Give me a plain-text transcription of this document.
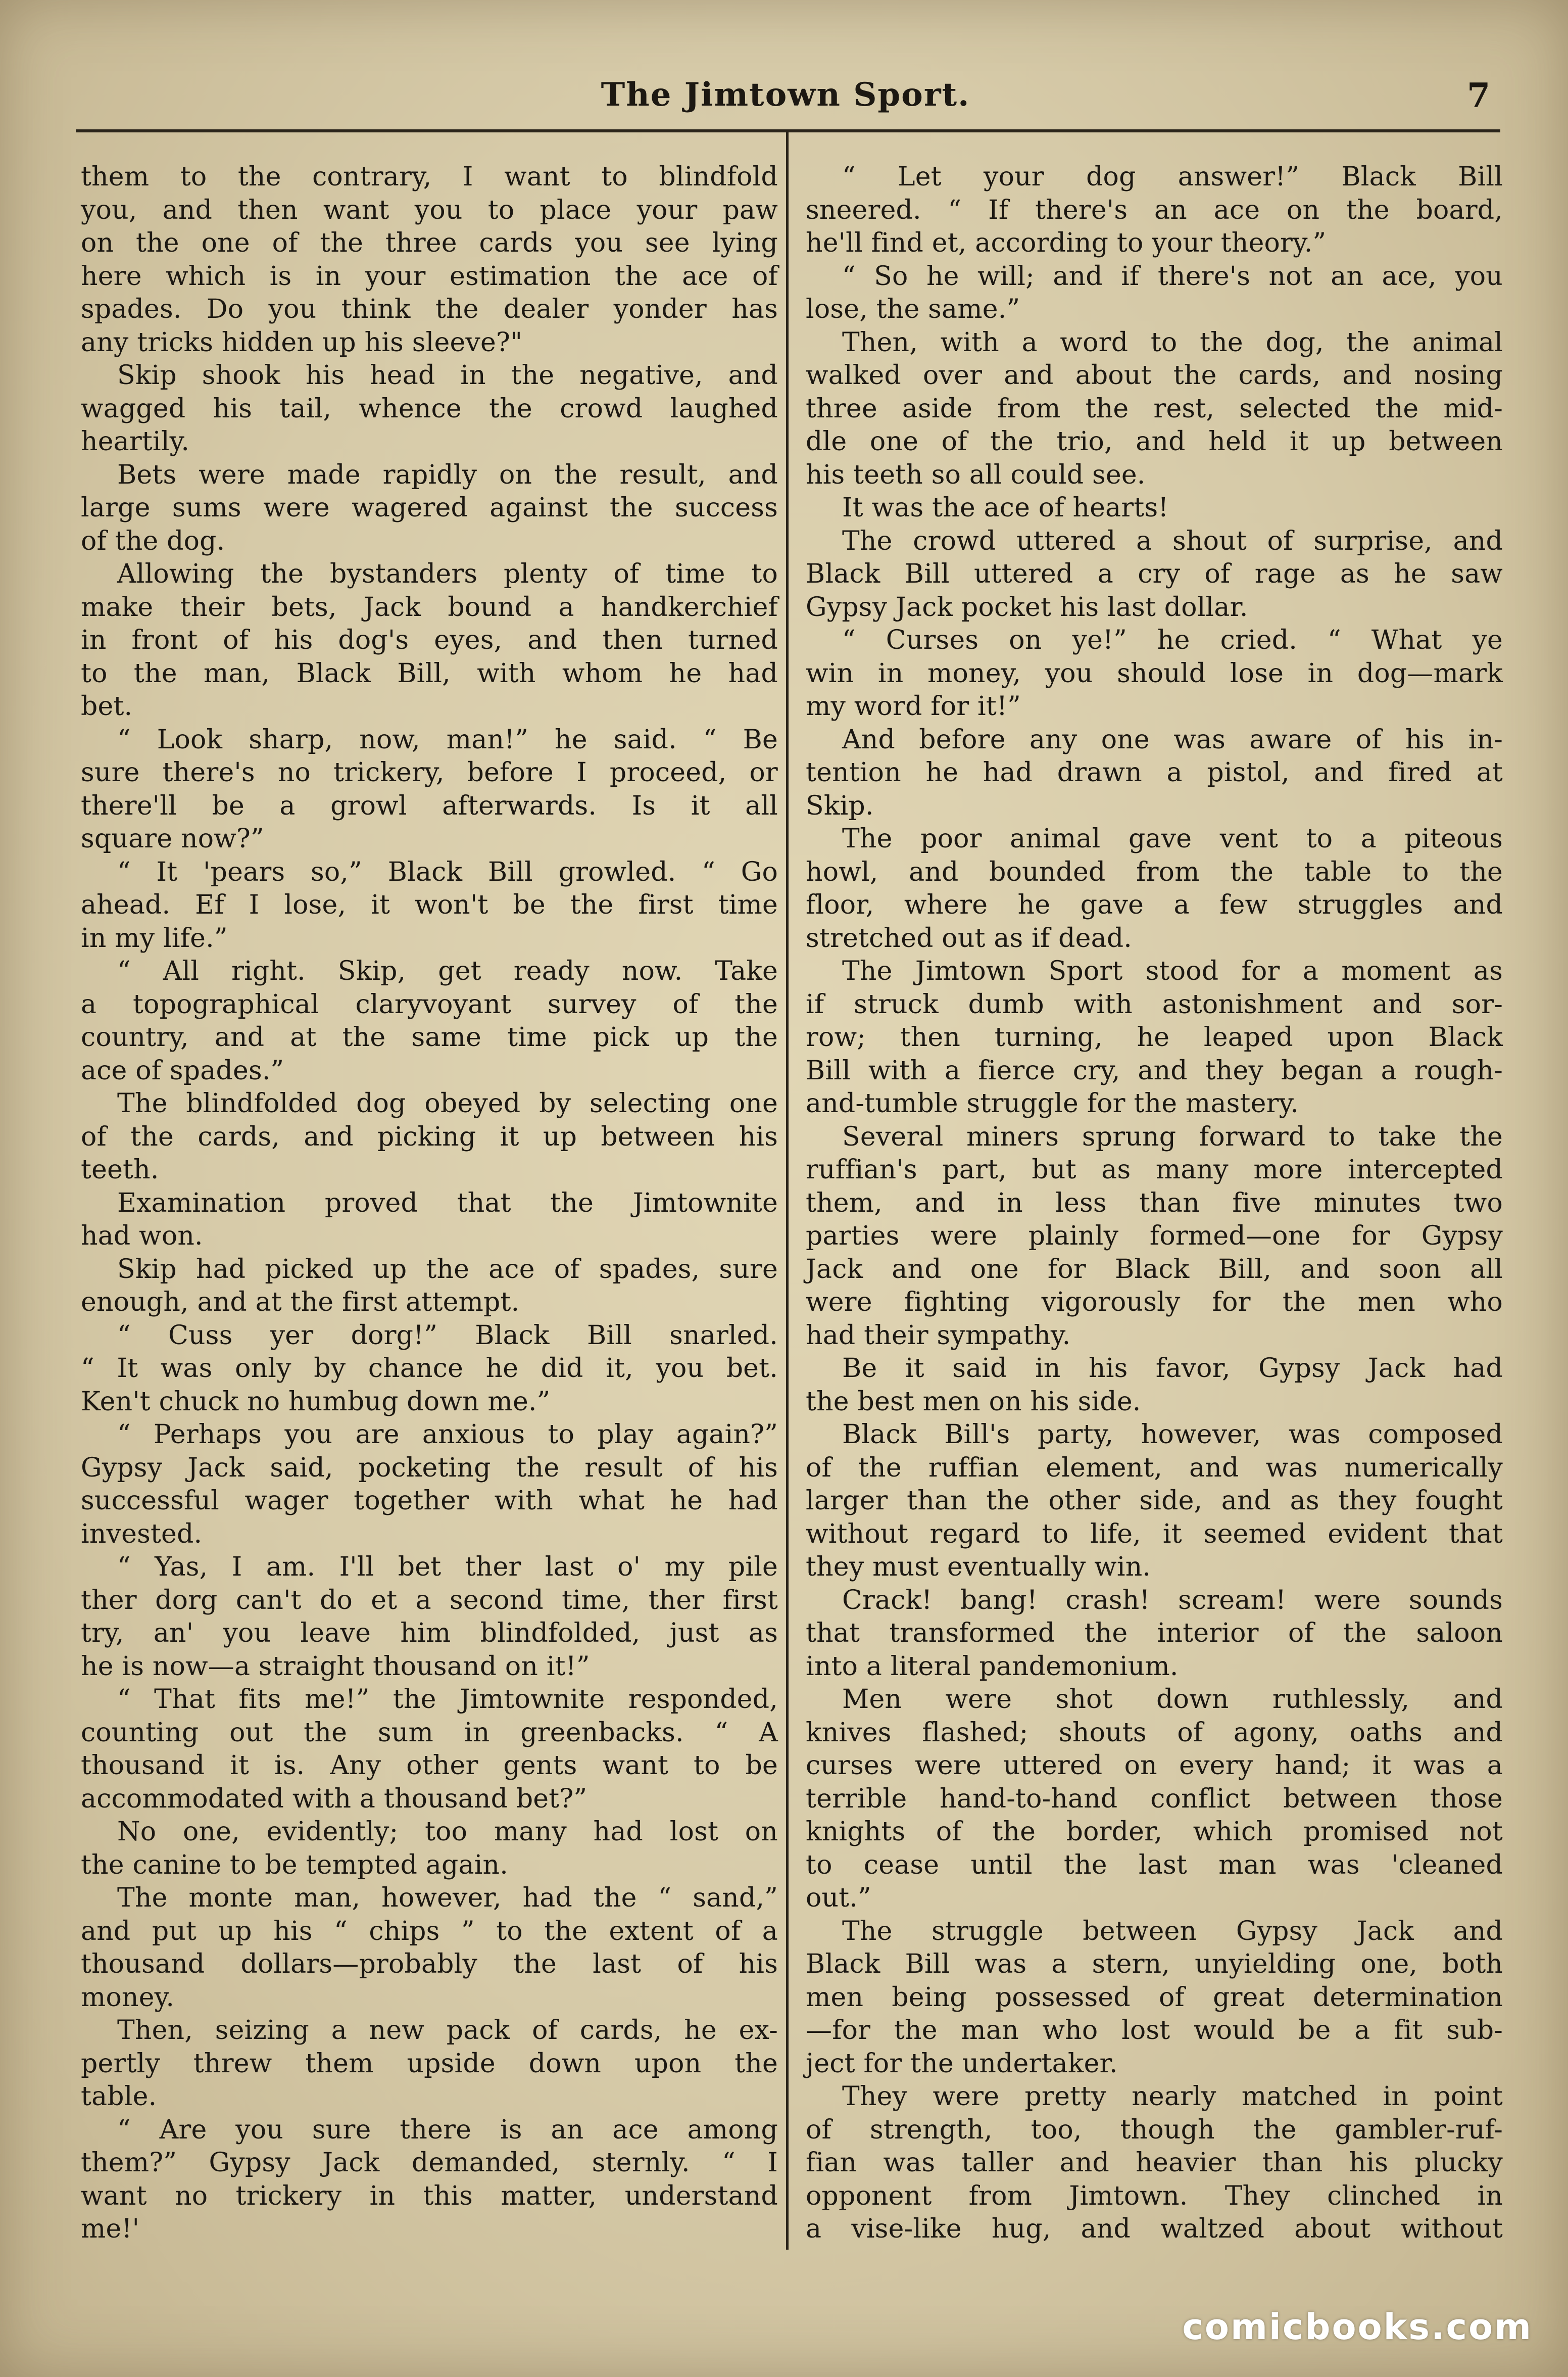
The Jimtown Sport.	7
them to the contrary, I want to blindfold
you, and then want you to place your paw
on the one of the three cards you see lying
here which is in your estimation the ace of
spades. Do you think the dealer yonder has
any tricks hidden up his sleeve?"
Skip shook his head in the negative, and
wagged his tail, whence the crowd laughed
heartily.
Bets were made rapidly on the result, and
large sums were wagered against the success
of the dog.
Allowing the bystanders plenty of time to
make their bets, Jack bound a handkerchief
in front of his dog's eyes, and then turned
to the man, Black Bill, with whom he had
bet.
“ Look sharp, now, man!” he said. “ Be
sure there's no trickery, before I proceed, or
there'll be a growl afterwards. Is it all
square now?”
“ It 'pears so,” Black Bill growled. “ Go
ahead. Ef I lose, it won't be the first time
in my life.”
“ All right. Skip, get ready now. Take
a topographical claryvoyant survey of the
country, and at the same time pick up the
ace of spades.”
The blindfolded dog obeyed by selecting one
of the cards, and picking it up between his
teeth.
Examination proved that the Jimtownite
had won.
Skip had picked up the ace of spades, sure
enough, and at the first attempt.
“ Cuss yer dorg!” Black Bill snarled.
“ It was only by chance he did it, you bet.
Ken't chuck no humbug down me.”
“ Perhaps you are anxious to play again?”
Gypsy Jack said, pocketing the result of his
successful wager together with what he had
invested.
“ Yas, I am. I'll bet ther last o' my pile
ther dorg can't do et a second time, ther first
try, an' you leave him blindfolded, just as
he is now—a straight thousand on it!”
“ That fits me!” the Jimtownite responded,
counting out the sum in greenbacks. “ A
thousand it is. Any other gents want to be
accommodated with a thousand bet?”
No one, evidently; too many had lost on
the canine to be tempted again.
The monte man, however, had the “ sand,”
and put up his “ chips ” to the extent of a
thousand dollars—probably the last of his
money.
Then, seizing a new pack of cards, he ex-
pertly threw them upside down upon the
table.
“ Are you sure there is an ace among
them?” Gypsy Jack demanded, sternly. “ I
want no trickery in this matter, understand
me!'
“ Let your dog answer!” Black Bill
sneered. “ If there's an ace on the board,
he'll find et, according to your theory.”
“ So he will; and if there's not an ace, you
lose, the same.”
Then, with a word to the dog, the animal
walked over and about the cards, and nosing
three aside from the rest, selected the mid-
dle one of the trio, and held it up between
his teeth so all could see.
It was the ace of hearts!
The crowd uttered a shout of surprise, and
Black Bill uttered a cry of rage as he saw
Gypsy Jack pocket his last dollar.
“ Curses on ye!” he cried. “ What ye
win in money, you should lose in dog—mark
my word for it!”
And before any one was aware of his in-
tention he had drawn a pistol, and fired at
Skip.
The poor animal gave vent to a piteous
howl, and bounded from the table to the
floor, where he gave a few struggles and
stretched out as if dead.
The Jimtown Sport stood for a moment as
if struck dumb with astonishment and sor-
row; then turning, he leaped upon Black
Bill with a fierce cry, and they began a rough-
and-tumble struggle for the mastery.
Several miners sprung forward to take the
ruffian's part, but as many more intercepted
them, and in less than five minutes two
parties were plainly formed—one for Gypsy
Jack and one for Black Bill, and soon all
were fighting vigorously for the men who
had their sympathy.
Be it said in his favor, Gypsy Jack had
the best men on his side.
Black Bill's party, however, was composed
of the ruffian element, and was numerically
larger than the other side, and as they fought
without regard to life, it seemed evident that
they must eventually win.
Crack! bang! crash! scream! were sounds
that transformed the interior of the saloon
into a literal pandemonium.
Men were shot down ruthlessly, and
knives flashed; shouts of agony, oaths and
curses were uttered on every hand; it was a
terrible hand-to-hand conflict between those
knights of the border, which promised not
to cease until the last man was 'cleaned
out.”
The struggle between Gypsy Jack and
Black Bill was a stern, unyielding one, both
men being possessed of great determination
—for the man who lost would be a fit sub-
ject for the undertaker.
They were pretty nearly matched in point
of strength, too, though the gambler-ruf-
fian was taller and heavier than his plucky
opponent from Jimtown. They clinched in
a vise-like hug, and waltzed about without
comicbooks.com
